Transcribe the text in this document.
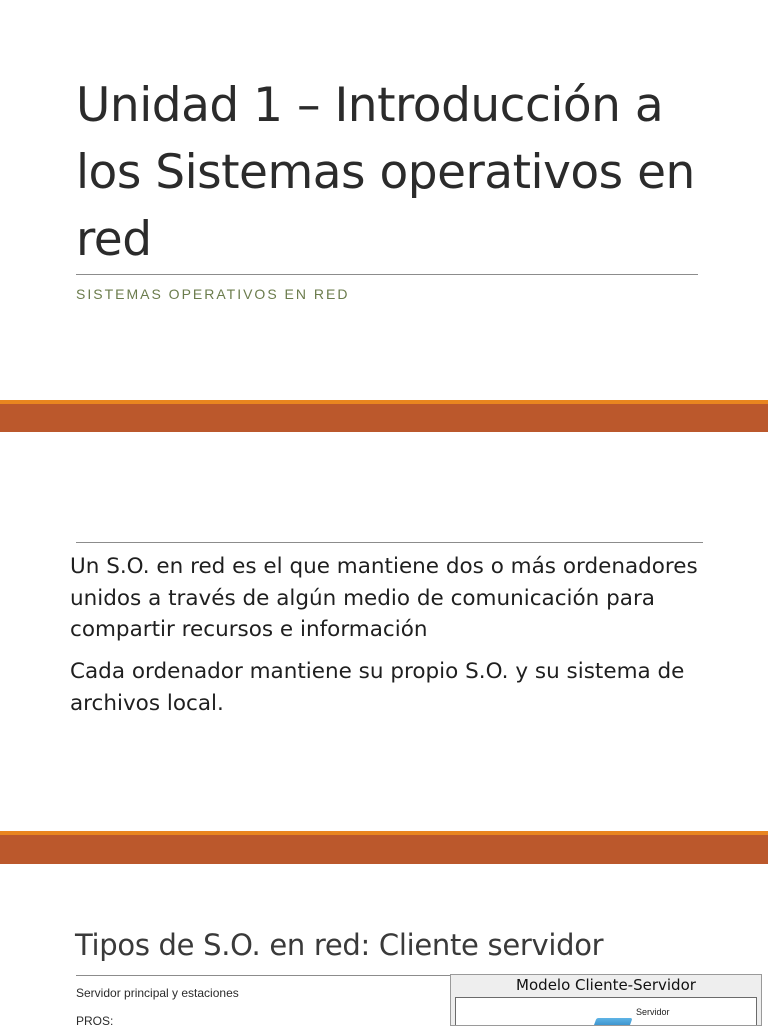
Unidad 1 – Introducción a los Sistemas operativos en red
SISTEMAS OPERATIVOS EN RED

Un S.O. en red es el que mantiene dos o más ordenadores unidos a través de algún medio de comunicación para compartir recursos e información

Cada ordenador mantiene su propio S.O. y su sistema de archivos local.

Tipos de S.O. en red: Cliente servidor
Servidor principal y estaciones
PROS:
Modelo Cliente-Servidor
Servidor
